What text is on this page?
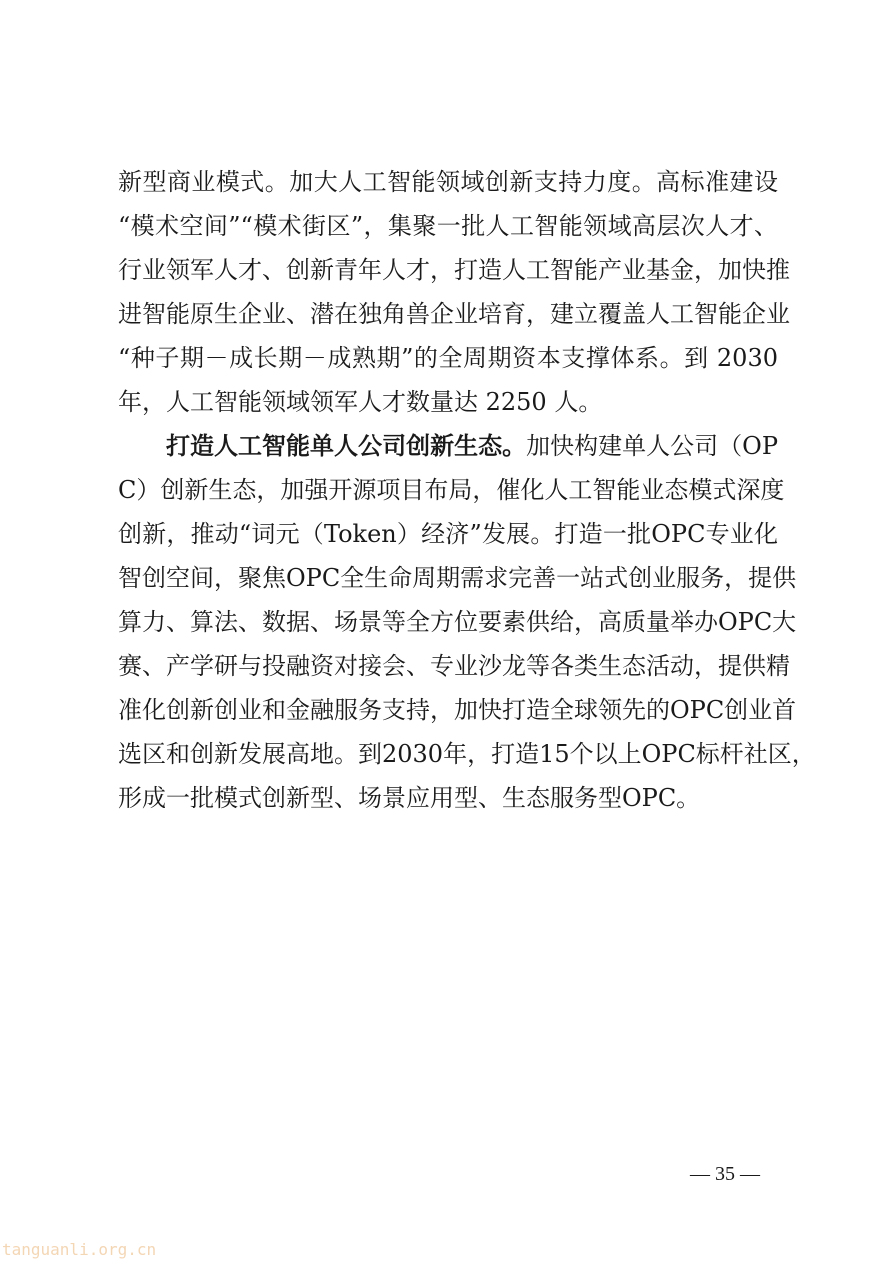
新型商业模式。加大人工智能领域创新支持力度。高标准建设
“模术空间”“模术街区”，集聚一批人工智能领域高层次人才、
行业领军人才、创新青年人才，打造人工智能产业基金，加快推
进智能原生企业、潜在独角兽企业培育，建立覆盖人工智能企业
“种子期－成长期－成熟期”的全周期资本支撑体系。到 2030
年，人工智能领域领军人才数量达 2250 人。
打造人工智能单人公司创新生态。加快构建单人公司（OP
C）创新生态，加强开源项目布局，催化人工智能业态模式深度
创新，推动“词元（Token）经济”发展。打造一批OPC专业化
智创空间，聚焦OPC全生命周期需求完善一站式创业服务，提供
算力、算法、数据、场景等全方位要素供给，高质量举办OPC大
赛、产学研与投融资对接会、专业沙龙等各类生态活动，提供精
准化创新创业和金融服务支持，加快打造全球领先的OPC创业首
选区和创新发展高地。到2030年，打造15个以上OPC标杆社区，
形成一批模式创新型、场景应用型、生态服务型OPC。
— 35 —
tanguanli.org.cn
